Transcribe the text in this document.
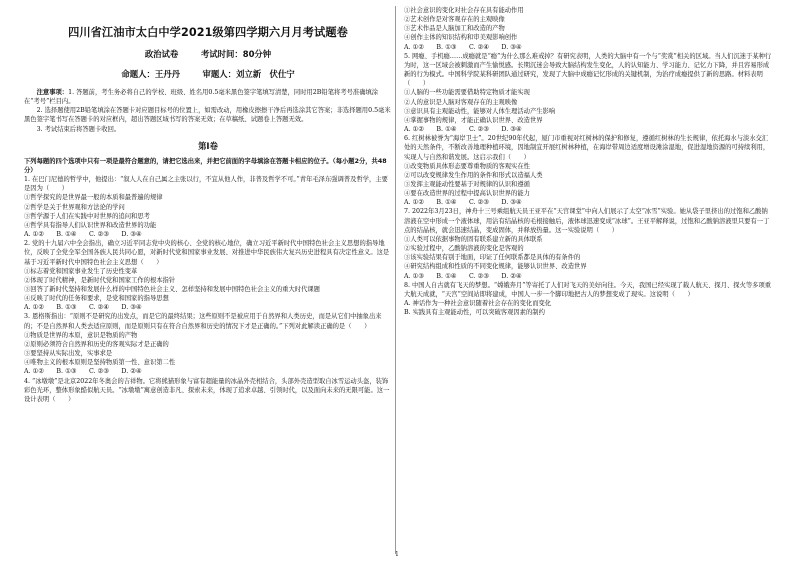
四川省江油市太白中学2021级第四学期六月月考试题卷
政治试卷 　　	考试时间：80分钟
命题人：王丹丹 　　	审题人：刘立新　伏仕宁

注意事项：1. 答题前，考生务必将自己的学校、班级、姓名用0.5毫米黑色签字笔填写清楚，同时用2B铅笔将考号准确填涂在“考号”栏目内。

2. 选择题使用2B铅笔填涂在答题卡对应题目标号的位置上，如需改动，用橡皮擦擦干净后再选涂其它答案；非选择题用0.5毫米黑色签字笔书写在答题卡的对应框内，超出答题区域书写的答案无效；在草稿纸、试题卷上答题无效。

3. 考试结束后将答题卡收回。

第Ⅰ卷

下列每题的四个选项中只有一项是最符合题意的，请把它选出来，并把它前面的字母填涂在答题卡相应的位子。（每小题2分，共48分）

1. 在巴门尼德的哲学中，他提出：“叙人人在自己属之主张以行，不宜从他人作，非普及哲学不可。”青年毛泽东强调普及哲学，主要是因为（　　）

①哲学探究的是世界最一般的本质和最普遍的规律

②哲学是关于世界观和方法论的学问

③哲学源于人们在实践中对世界的追问和思考

④哲学具有指导人们认识世界和改造世界的功能

A. ①②　　B. ①④　　C. ②③　　D. ③④

2. 党的十九届六中全会指出，确立习近平同志党中央的核心、全党的核心地位，确立习近平新时代中国特色社会主义思想的指导地位，反映了全党全军全国各族人民共同心愿，对新时代党和国家事业发展、对推进中华民族伟大复兴历史进程具有决定性意义。这是基于习近平新时代中国特色社会主义思想（　　）

①标志着党和国家事业发生了历史性变革

②体现了时代精神，是新时代党和国家工作的根本指针

③回答了新时代坚持和发展什么样的中国特色社会主义、怎样坚持和发展中国特色社会主义的重大时代课题

④反映了时代的任务和要求，是党和国家的指导思想

A. ①②　　B. ①③　　C. ②④　　D. ③④

3. 恩格斯指出：“原则不是研究的出发点，而是它的最终结果；这些原则不是被应用于自然界和人类历史，而是从它们中抽象出来的；不是自然界和人类去适应原则，而是原则只有在符合自然界和历史的情况下才是正确的。”下列对此解读正确的是（　　）

①物质是世界的本原，意识是物质的产物

②原则必须符合自然界和历史的客观实际才是正确的

③要坚持从实际出发，实事求是

④唯物主义的根本原则是坚持物质第一性、意识第二性

A. ①②　　B. ①③　　C. ②③　　D. ②④

4. “冰墩墩”是北京2022年冬奥会的吉祥物。它将熊猫形象与富有超能量的冰晶外壳相结合，头部外壳造型取自冰雪运动头盔，装饰彩色光环，整体形象酷似航天员。“冰墩墩”寓意创造非凡、探索未来，体现了追求卓越、引领时代，以及面向未来的无限可能。这一设计表明（　　）

①社会意识的变化对社会存在具有能动作用

②艺术创作是对客观存在的主观映像

③艺术作品是人脑加工和改造的产物

④创作主体的知识结构和审美观影响创作

A. ①②　　B. ①③　　C. ②④　　D. ③④

5. 网瘾、手机瘾……成瘾就是“瘾”为什么那么难戒掉？有研究表明，人类的大脑中有一个与“奖赏”相关的区域。当人们沉迷于某种行为时，这一区域会被刺激而产生愉悦感。长期沉迷会导致大脑结构发生变化，人的认知能力、学习能力、记忆力下降，并且容易形成新的行为模式。中国科学院某科研团队通过研究，发现了大脑中成瘾记忆形成的关键机制，为治疗成瘾提供了新的思路。材料表明（　　）

①人脑的一些功能需要借助特定物质才能实现

②人的意识是人脑对客观存在的主观映像

③意识具有主观能动性，能够对人体生理活动产生影响

④掌握事物的规律，才能正确认识世界、改造世界

A. ①②　　B. ①④　　C. ②③　　D. ③④

6. 红树林被誉为“海岸卫士”。20世纪90年代起，厦门市重视对红树林的保护和修复，遵循红树林的生长规律，依托海水与淡水交汇处的天然条件，不断改善地理种植环境，因地制宜开展红树林种植，在海岸带周边适度增设滩涂湿地，促进湿地资源的可持续利用，实现人与自然和谐发展。这启示我们（　　）

①改变物质具体形态要尊重物质的客观实在性

②可以改变规律发生作用的条件和形式以造福人类

③发挥主观能动性要基于对规律的认识和遵循

④要在改造世界的过程中提高认识世界的能力

A. ①②　　B. ①④　　C. ②③　　D. ③④

7. 2022年3月23日，神舟十三号乘组航天员王亚平在“天宫课堂”中向人们展示了太空“冰雪”实验。她从袋子里挤出的过饱和乙酸钠溶液在空中形成一个液体球，用沾有结晶核的毛根接触后，液体球迅速变成“冰球”。王亚平解释说，过饱和乙酸钠溶液里只要有一丁点的结晶核，就会迅速结晶，变成固体，并释放热量。这一实验说明（　　）

①人类可以依据事物的固有联系建立新的具体联系

②实验过程中，乙酸钠溶液的变化是客观的

③该实验结果有别于地面，印证了任何联系都是具体的有条件的

④研究结构组成和性质的不同变化规律，能够认识世界、改造世界

A. ①③　　B. ①④　　C. ②③　　D. ②④

8. 中国人自古就有飞天的梦想。“嫦娥奔月”等寄托了人们对飞天的美好向往。今天，我国已经实现了载人航天、探月、探火等多项重大航天成就，“天宫”空间站即将建成，中国人一步一个脚印地把古人的梦想变成了现实。这说明（　　）

A. 神话作为一种社会意识随着社会存在的变化而变化

B. 实践具有主观能动性，可以突破客观因素的制约

1
